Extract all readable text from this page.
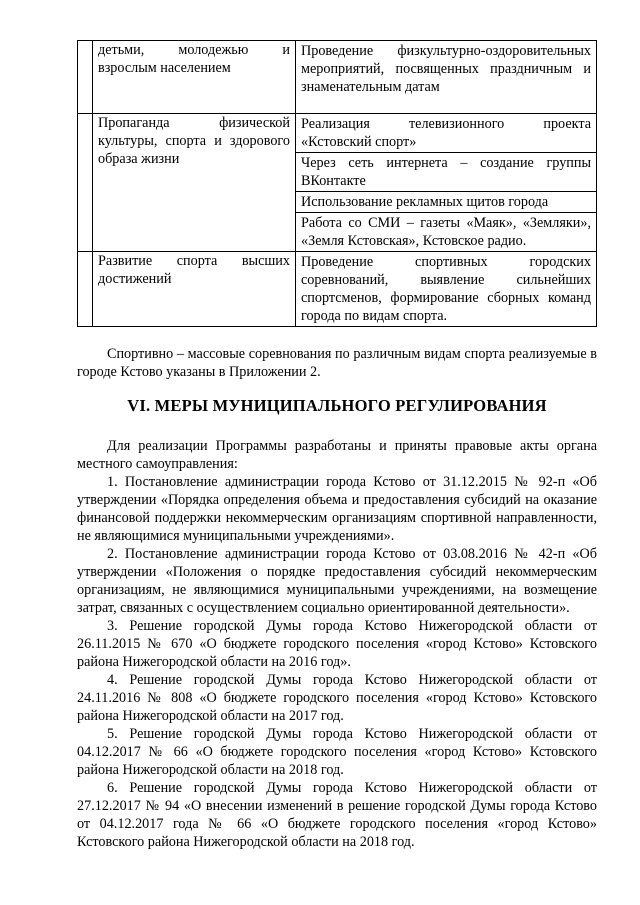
	детьми, молодежью и взрослым населением	Проведение физкультурно-оздоровительных мероприятий, посвященных праздничным и знаменательным датам

	Пропаганда физической культуры, спорта и здорового образа жизни	Реализация телевизионного проекта «Кстовский спорт»
Через сеть интернета – создание группы ВКонтакте
Использование рекламных щитов города
Работа со СМИ – газеты «Маяк», «Земляки», «Земля Кстовская», Кстовское радио.

	Развитие спорта высших достижений	Проведение спортивных городских соревнований, выявление сильнейших спортсменов, формирование сборных команд города по видам спорта.

Спортивно – массовые соревнования по различным видам спорта реализуемые в городе Кстово указаны в Приложении 2.

VI. МЕРЫ МУНИЦИПАЛЬНОГО РЕГУЛИРОВАНИЯ

Для реализации Программы разработаны и приняты правовые акты органа местного самоуправления:

1. Постановление администрации города Кстово от 31.12.2015 № 92-п «Об утверждении «Порядка определения объема и предоставления субсидий на оказание финансовой поддержки некоммерческим организациям спортивной направленности, не являющимися муниципальными учреждениями».

2. Постановление администрации города Кстово от 03.08.2016 № 42-п «Об утверждении «Положения о порядке предоставления субсидий некоммерческим организациям, не являющимися муниципальными учреждениями, на возмещение затрат, связанных с осуществлением социально ориентированной деятельности».

3. Решение городской Думы города Кстово Нижегородской области от 26.11.2015 № 670 «О бюджете городского поселения «город Кстово» Кстовского района Нижегородской области на 2016 год».

4. Решение городской Думы города Кстово Нижегородской области от 24.11.2016 № 808 «О бюджете городского поселения «город Кстово» Кстовского района Нижегородской области на 2017 год.

5. Решение городской Думы города Кстово Нижегородской области от 04.12.2017 № 66 «О бюджете городского поселения «город Кстово» Кстовского района Нижегородской области на 2018 год.

6. Решение городской Думы города Кстово Нижегородской области от 27.12.2017 № 94 «О внесении изменений в решение городской Думы города Кстово от 04.12.2017 года № 66 «О бюджете городского поселения «город Кстово» Кстовского района Нижегородской области на 2018 год.
